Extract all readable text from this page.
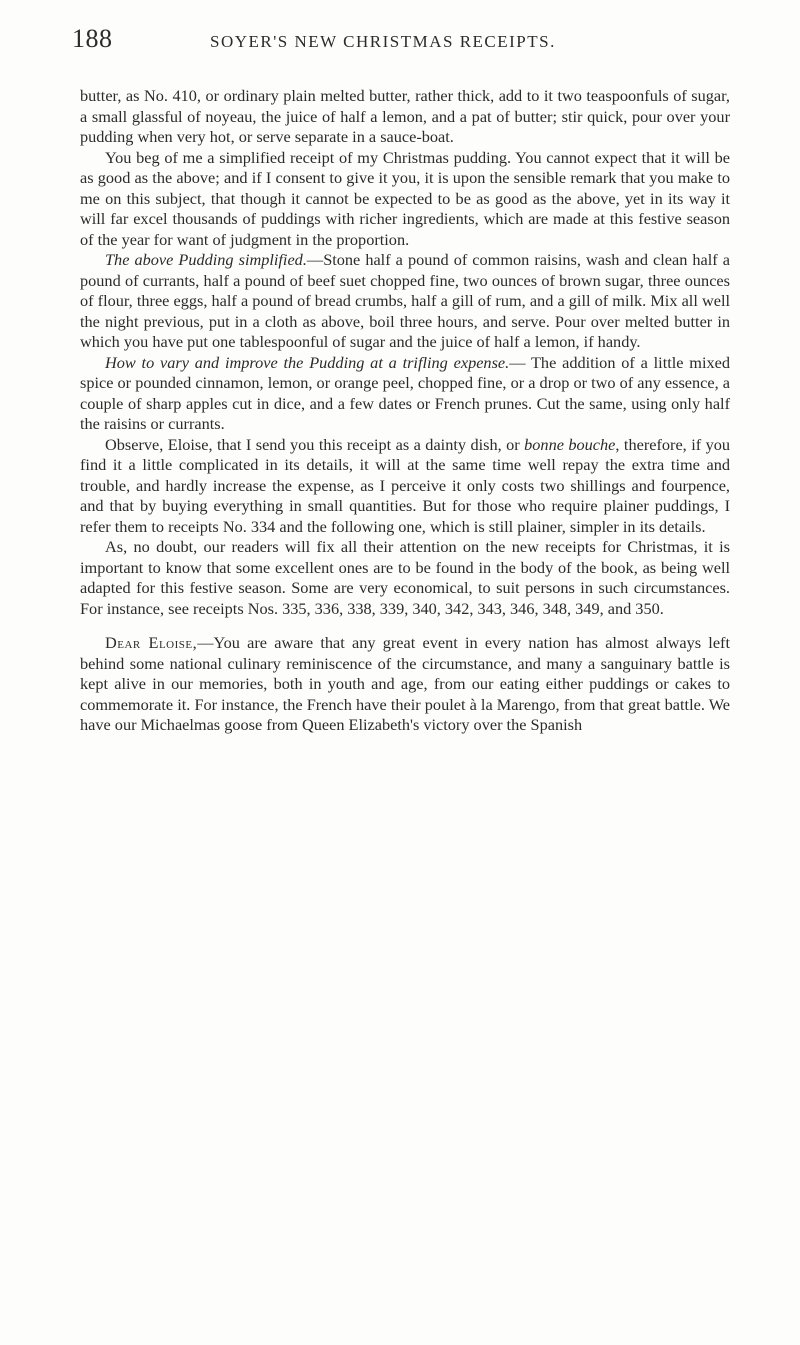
188	SOYER'S NEW CHRISTMAS RECEIPTS.

butter, as No. 410, or ordinary plain melted butter, rather thick, add to it two teaspoonfuls of sugar, a small glassful of noyeau, the juice of half a lemon, and a pat of butter; stir quick, pour over your pudding when very hot, or serve separate in a sauce-boat.

You beg of me a simplified receipt of my Christmas pudding. You cannot expect that it will be as good as the above; and if I consent to give it you, it is upon the sensible remark that you make to me on this subject, that though it cannot be expected to be as good as the above, yet in its way it will far excel thousands of puddings with richer ingredients, which are made at this festive season of the year for want of judgment in the proportion.

The above Pudding simplified.—Stone half a pound of common raisins, wash and clean half a pound of currants, half a pound of beef suet chopped fine, two ounces of brown sugar, three ounces of flour, three eggs, half a pound of bread crumbs, half a gill of rum, and a gill of milk. Mix all well the night previous, put in a cloth as above, boil three hours, and serve. Pour over melted butter in which you have put one tablespoonful of sugar and the juice of half a lemon, if handy.

How to vary and improve the Pudding at a trifling expense.— The addition of a little mixed spice or pounded cinnamon, lemon, or orange peel, chopped fine, or a drop or two of any essence, a couple of sharp apples cut in dice, and a few dates or French prunes. Cut the same, using only half the raisins or currants.

Observe, Eloise, that I send you this receipt as a dainty dish, or bonne bouche, therefore, if you find it a little complicated in its details, it will at the same time well repay the extra time and trouble, and hardly increase the expense, as I perceive it only costs two shillings and fourpence, and that by buying everything in small quantities. But for those who require plainer puddings, I refer them to receipts No. 334 and the following one, which is still plainer, simpler in its details.

As, no doubt, our readers will fix all their attention on the new receipts for Christmas, it is important to know that some excellent ones are to be found in the body of the book, as being well adapted for this festive season. Some are very economical, to suit persons in such circumstances. For instance, see receipts Nos. 335, 336, 338, 339, 340, 342, 343, 346, 348, 349, and 350.

Dear Eloise,—You are aware that any great event in every nation has almost always left behind some national culinary reminiscence of the circumstance, and many a sanguinary battle is kept alive in our memories, both in youth and age, from our eating either puddings or cakes to commemorate it. For instance, the French have their poulet à la Marengo, from that great battle. We have our Michaelmas goose from Queen Elizabeth's victory over the Spanish
